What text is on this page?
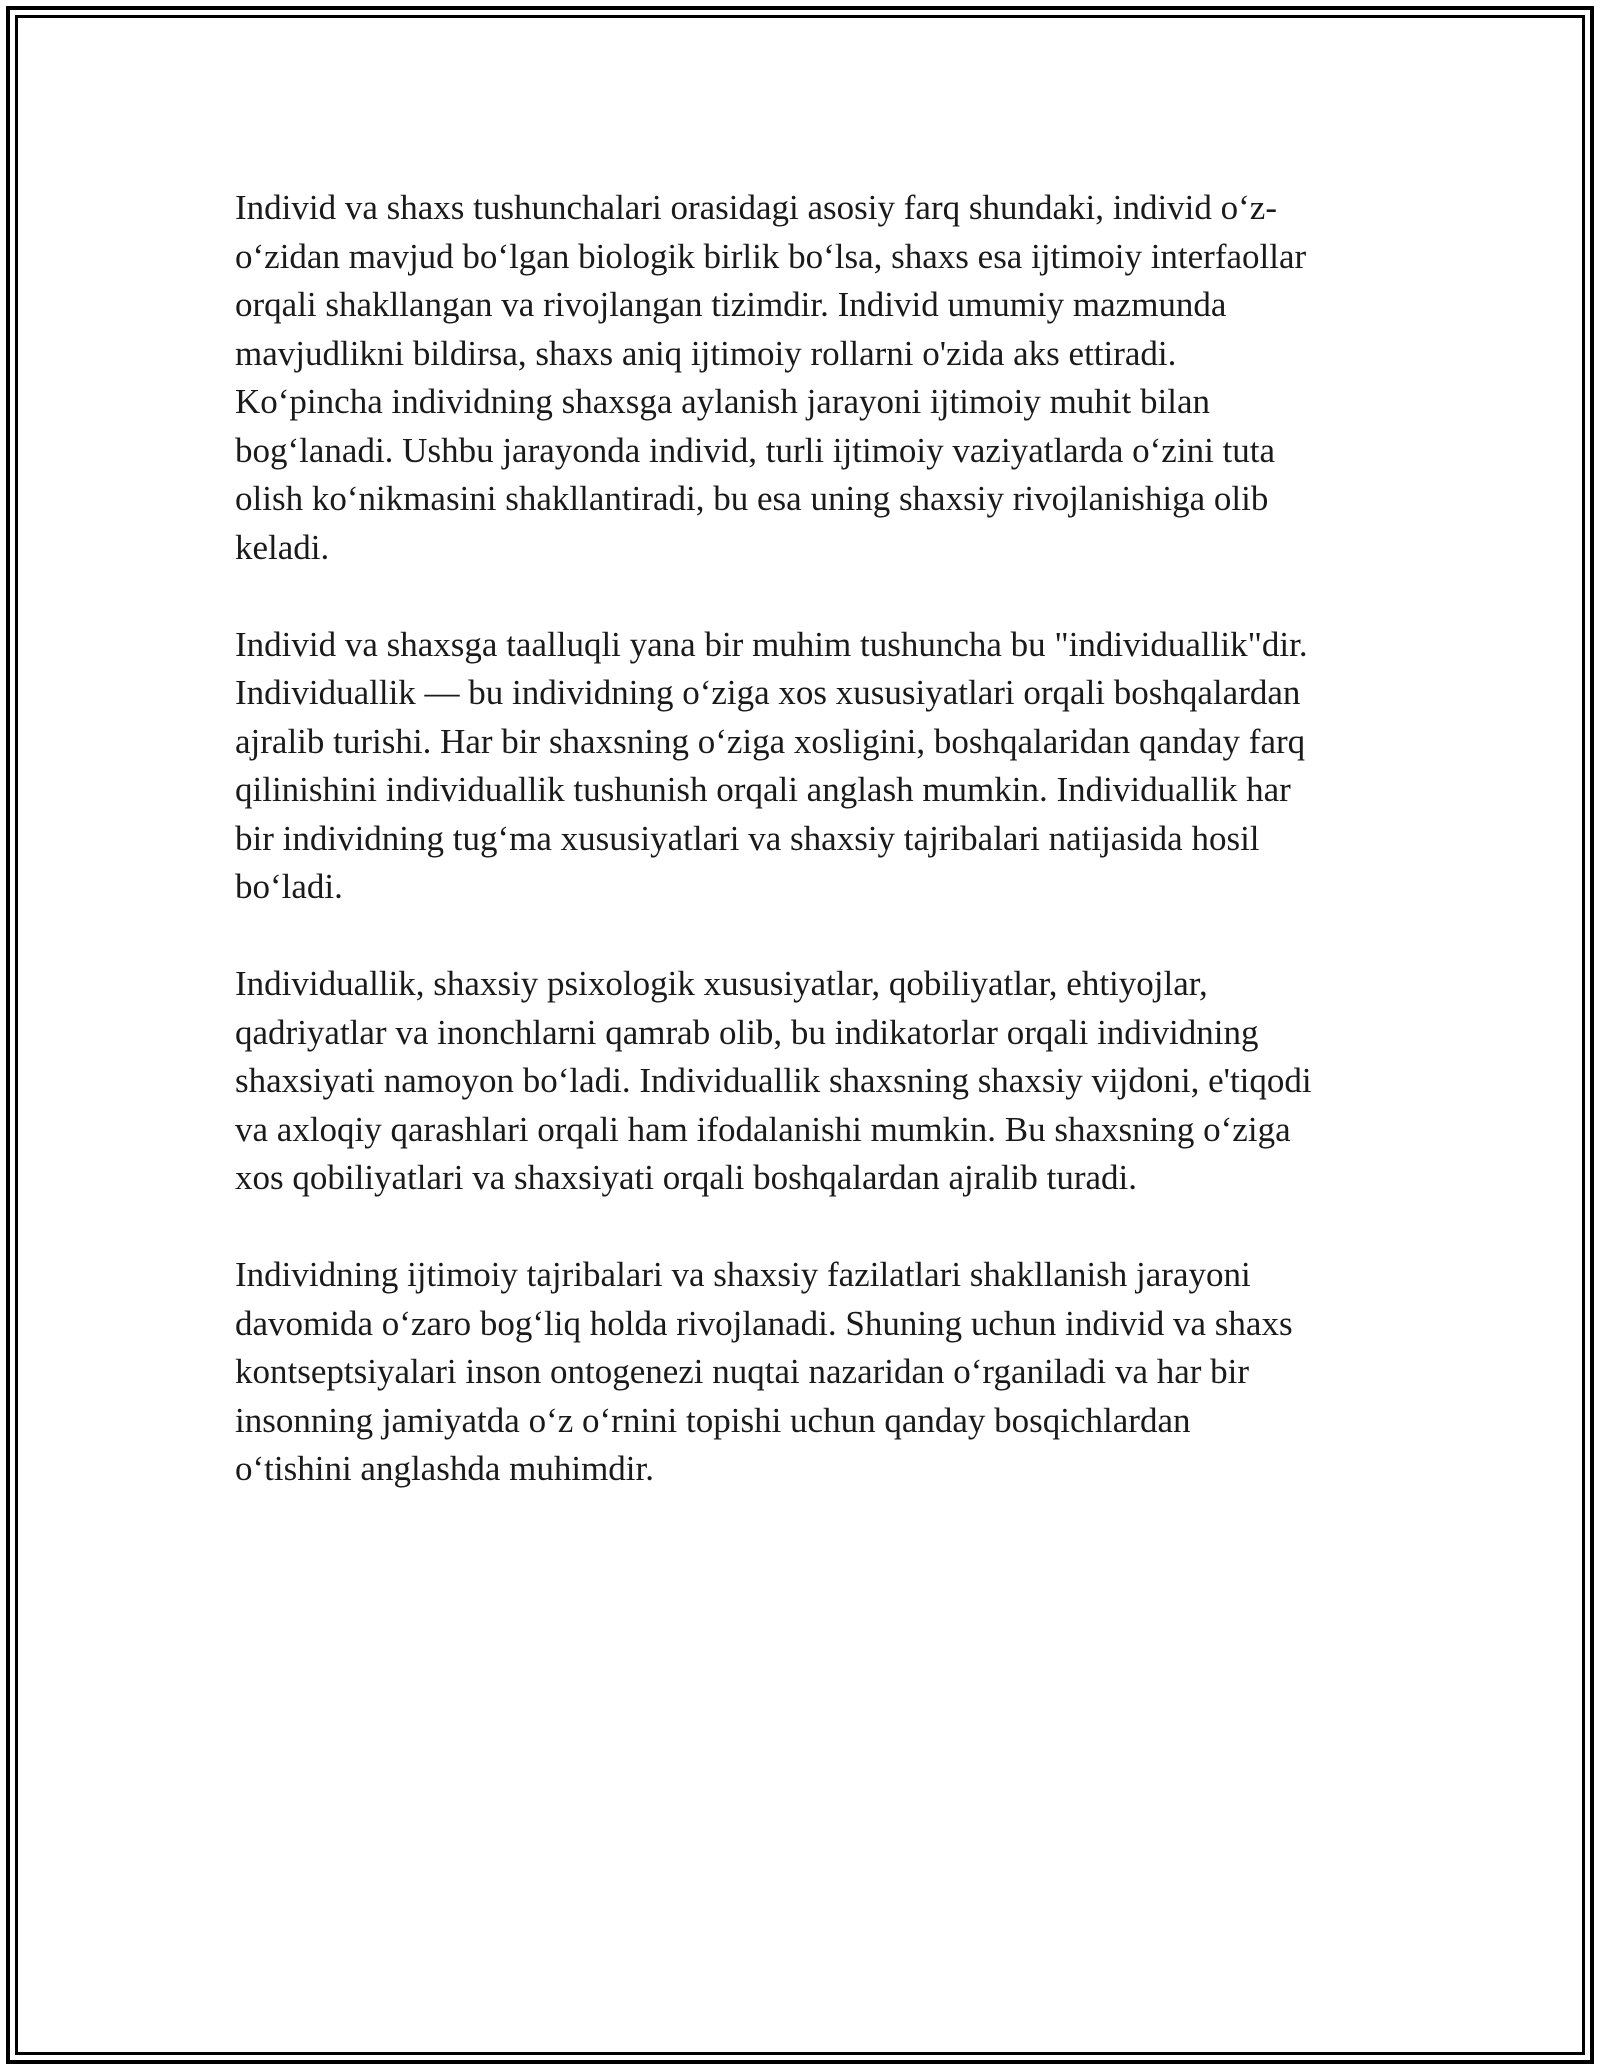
Individ va shaxs tushunchalari orasidagi asosiy farq shundaki, individ o‘z-
o‘zidan mavjud bo‘lgan biologik birlik bo‘lsa, shaxs esa ijtimoiy interfaollar
orqali shakllangan va rivojlangan tizimdir. Individ umumiy mazmunda
mavjudlikni bildirsa, shaxs aniq ijtimoiy rollarni o'zida aks ettiradi.
Ko‘pincha individning shaxsga aylanish jarayoni ijtimoiy muhit bilan
bog‘lanadi. Ushbu jarayonda individ, turli ijtimoiy vaziyatlarda o‘zini tuta
olish ko‘nikmasini shakllantiradi, bu esa uning shaxsiy rivojlanishiga olib
keladi.

Individ va shaxsga taalluqli yana bir muhim tushuncha bu "individuallik"dir.
Individuallik — bu individning o‘ziga xos xususiyatlari orqali boshqalardan
ajralib turishi. Har bir shaxsning o‘ziga xosligini, boshqalaridan qanday farq
qilinishini individuallik tushunish orqali anglash mumkin. Individuallik har
bir individning tug‘ma xususiyatlari va shaxsiy tajribalari natijasida hosil
bo‘ladi.

Individuallik, shaxsiy psixologik xususiyatlar, qobiliyatlar, ehtiyojlar,
qadriyatlar va inonchlarni qamrab olib, bu indikatorlar orqali individning
shaxsiyati namoyon bo‘ladi. Individuallik shaxsning shaxsiy vijdoni, e'tiqodi
va axloqiy qarashlari orqali ham ifodalanishi mumkin. Bu shaxsning o‘ziga
xos qobiliyatlari va shaxsiyati orqali boshqalardan ajralib turadi.

Individning ijtimoiy tajribalari va shaxsiy fazilatlari shakllanish jarayoni
davomida o‘zaro bog‘liq holda rivojlanadi. Shuning uchun individ va shaxs
kontseptsiyalari inson ontogenezi nuqtai nazaridan o‘rganiladi va har bir
insonning jamiyatda o‘z o‘rnini topishi uchun qanday bosqichlardan
o‘tishini anglashda muhimdir.
